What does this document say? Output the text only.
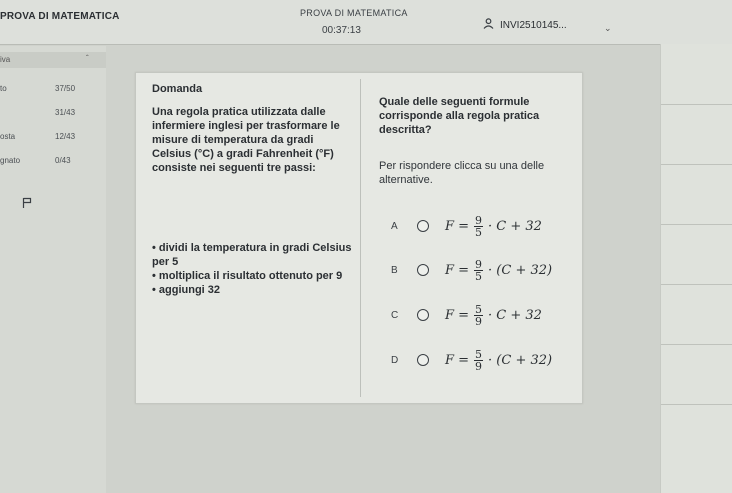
PROVA DI MATEMATICA	PROVA DI MATEMATICA
00:37:13	INVI2510145...	⌄
iva	ˆ
to	37/50
31/43
osta	12/43
gnato	0/43
Domanda
Una regola pratica utilizzata dalle infermiere inglesi per trasformare le misure di temperatura da gradi Celsius (°C) a gradi Fahrenheit (°F) consiste nei seguenti tre passi:
• dividi la temperatura in gradi Celsius per 5
• moltiplica il risultato ottenuto per 9
• aggiungi 32
Quale delle seguenti formule corrisponde alla regola pratica descritta?
Per rispondere clicca su una delle alternative.
A	$F = \frac{9}{5} \cdot C + 32$
B	$F = \frac{9}{5} \cdot (C + 32)$
C	$F = \frac{5}{9} \cdot C + 32$
D	$F = \frac{5}{9} \cdot (C + 32)$
